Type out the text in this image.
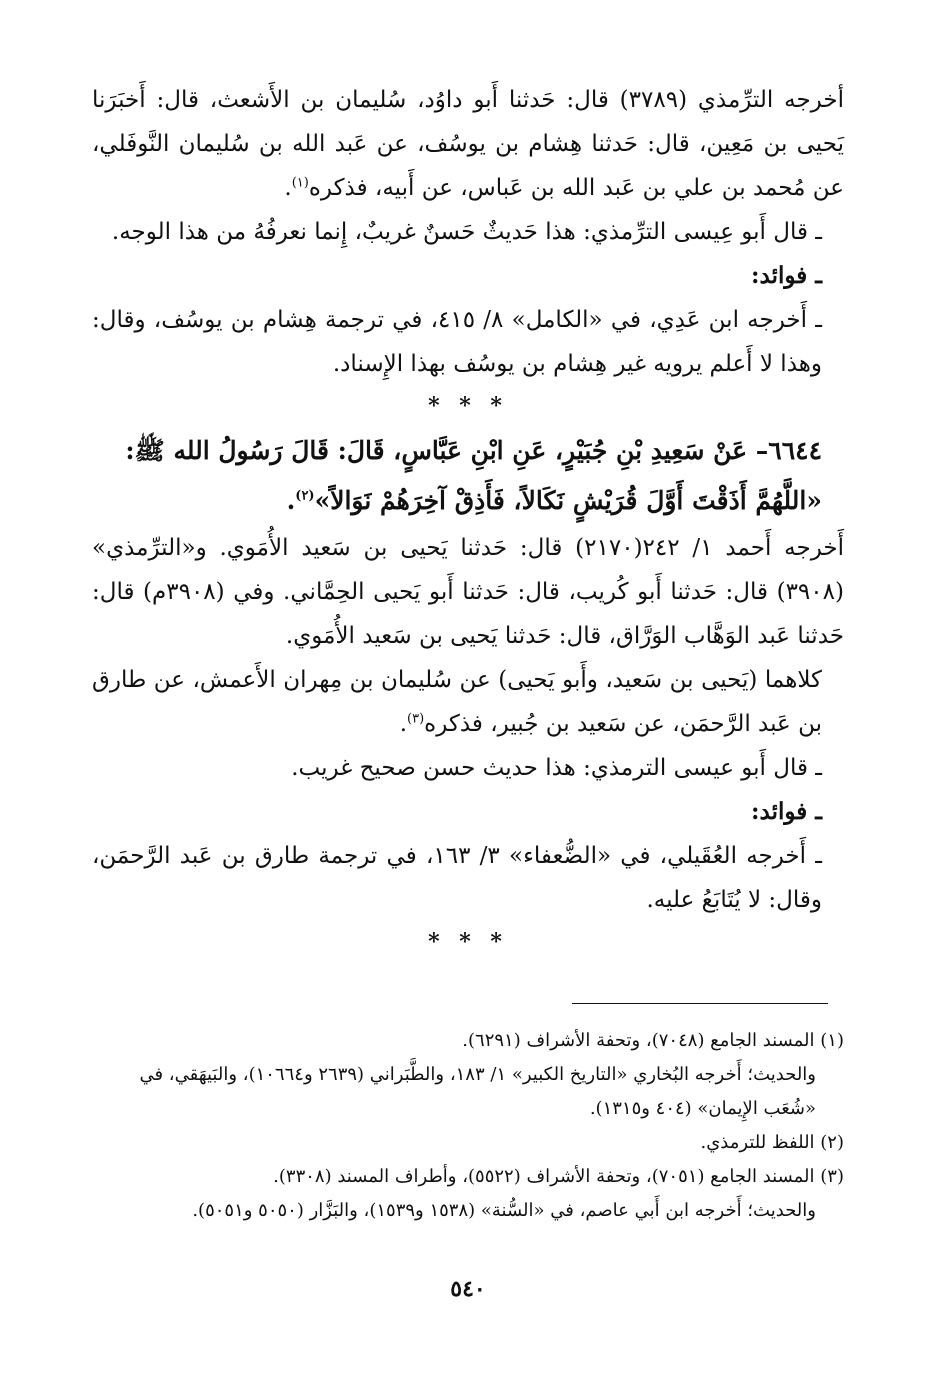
أخرجه الترِّمذي (٣٧٨٩) قال: حَدثنا أَبو داوُد، سُليمان بن الأَشعث، قال: أَخبَرَنا يَحيى بن مَعِين، قال: حَدثنا هِشام بن يوسُف، عن عَبد الله بن سُليمان النَّوفَلي، عن مُحمد بن علي بن عَبد الله بن عَباس، عن أَبيه، فذكره$^{(١)}$.

ـ قال أَبو عِيسى الترِّمذي: هذا حَديثٌ حَسنٌ غريبٌ، إِنما نعرفُهُ من هذا الوجه.

ـ فوائد:

ـ أَخرجه ابن عَدِي، في «الكامل» ٨/ ٤١٥، في ترجمة هِشام بن يوسُف، وقال: وهذا لا أَعلم يرويه غير هِشام بن يوسُف بهذا الإِسناد.

* * *

٦٦٤٤– عَنْ سَعِيدِ بْنِ جُبَيْرٍ، عَنِ ابْنِ عَبَّاسٍ، قَالَ: قَالَ رَسُولُ الله ﷺ: «اللَّهُمَّ أَذَقْتَ أَوَّلَ قُرَيْشٍ نَكَالاً، فَأَذِقْ آخِرَهُمْ نَوَالاً»$^{(٢)}$.

أَخرجه أَحمد ١/ ٢٤٢(٢١٧٠) قال: حَدثنا يَحيى بن سَعيد الأُمَوي. و«الترِّمذي» (٣٩٠٨) قال: حَدثنا أَبو كُريب، قال: حَدثنا أَبو يَحيى الحِمَّاني. وفي (٣٩٠٨م) قال: حَدثنا عَبد الوَهَّاب الوَرَّاق، قال: حَدثنا يَحيى بن سَعيد الأُمَوي.

كلاهما (يَحيى بن سَعيد، وأَبو يَحيى) عن سُليمان بن مِهران الأَعمش، عن طارق بن عَبد الرَّحمَن، عن سَعيد بن جُبير، فذكره$^{(٣)}$.

ـ قال أَبو عيسى الترمذي: هذا حديث حسن صحيح غريب.

ـ فوائد:

ـ أَخرجه العُقَيلي، في «الضُّعفاء» ٣/ ١٦٣، في ترجمة طارق بن عَبد الرَّحمَن، وقال: لا يُتَابَعُ عليه.

* * *

(١) المسند الجامع (٧٠٤٨)، وتحفة الأشراف (٦٢٩١).

والحديث؛ أَخرجه البُخاري «التاريخ الكبير» ١/ ١٨٣، والطَّبَراني (٢٦٣٩ و١٠٦٦٤)، والبَيهَقي، في «شُعَب الإِيمان» (٤٠٤ و١٣١٥).

(٢) اللفظ للترمذي.

(٣) المسند الجامع (٧٠٥١)، وتحفة الأشراف (٥٥٢٢)، وأطراف المسند (٣٣٠٨).

والحديث؛ أَخرجه ابن أَبي عاصم، في «السُّنة» (١٥٣٨ و١٥٣٩)، والبَزَّار (٥٠٥٠ و٥٠٥١).

٥٤٠
